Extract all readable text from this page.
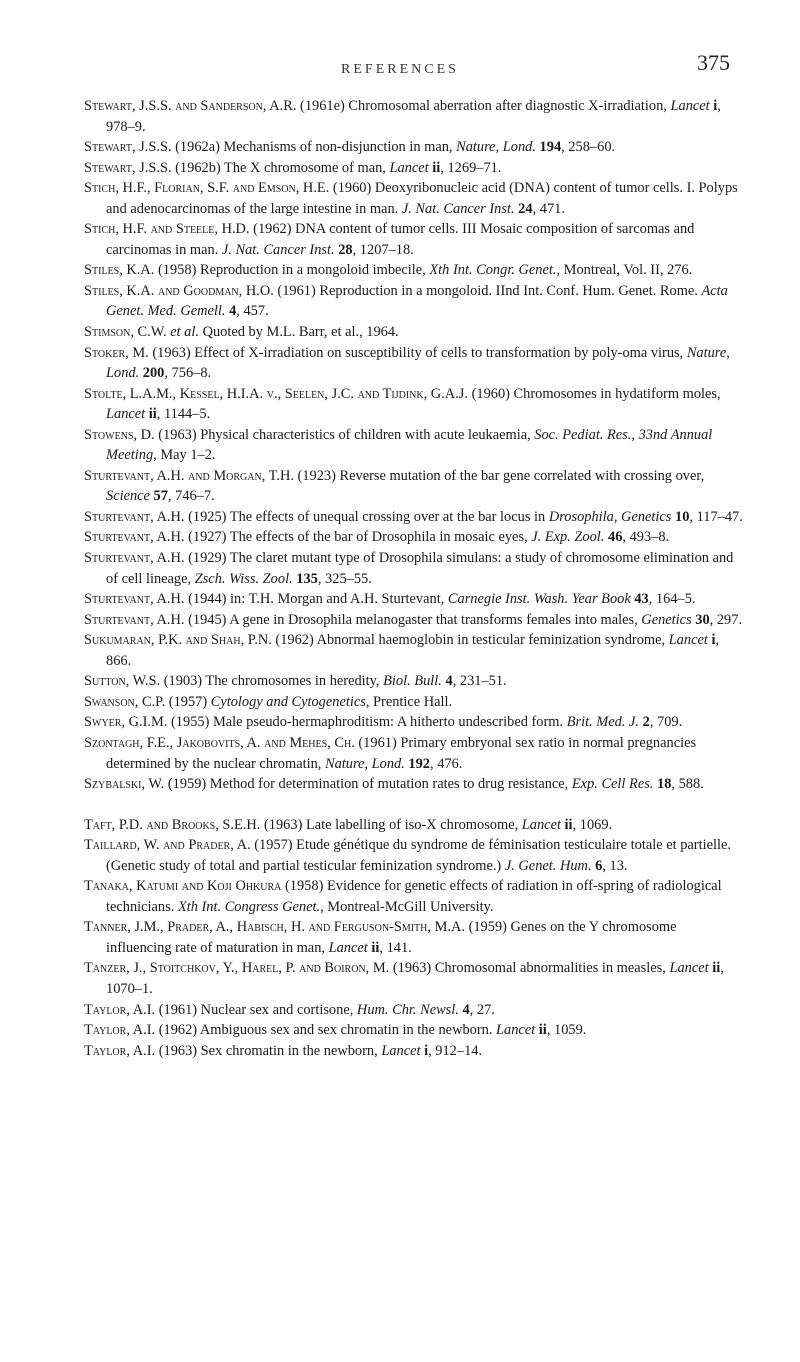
REFERENCES	375

Stewart, J.S.S. and Sanderson, A.R. (1961e) Chromosomal aberration after diagnostic X-irradiation, Lancet i, 978–9.

Stewart, J.S.S. (1962a) Mechanisms of non-disjunction in man, Nature, Lond. 194, 258–60.

Stewart, J.S.S. (1962b) The X chromosome of man, Lancet ii, 1269–71.

Stich, H.F., Florian, S.F. and Emson, H.E. (1960) Deoxyribonucleic acid (DNA) content of tumor cells. I. Polyps and adenocarcinomas of the large intestine in man. J. Nat. Cancer Inst. 24, 471.

Stich, H.F. and Steele, H.D. (1962) DNA content of tumor cells. III Mosaic composition of sarcomas and carcinomas in man. J. Nat. Cancer Inst. 28, 1207–18.

Stiles, K.A. (1958) Reproduction in a mongoloid imbecile, Xth Int. Congr. Genet., Montreal, Vol. II, 276.

Stiles, K.A. and Goodman, H.O. (1961) Reproduction in a mongoloid. IInd Int. Conf. Hum. Genet. Rome. Acta Genet. Med. Gemell. 4, 457.

Stimson, C.W. et al. Quoted by M.L. Barr, et al., 1964.

Stoker, M. (1963) Effect of X-irradiation on susceptibility of cells to transformation by poly-oma virus, Nature, Lond. 200, 756–8.

Stolte, L.A.M., Kessel, H.I.A. v., Seelen, J.C. and Tijdink, G.A.J. (1960) Chromosomes in hydatiform moles, Lancet ii, 1144–5.

Stowens, D. (1963) Physical characteristics of children with acute leukaemia, Soc. Pediat. Res., 33nd Annual Meeting, May 1–2.

Sturtevant, A.H. and Morgan, T.H. (1923) Reverse mutation of the bar gene correlated with crossing over, Science 57, 746–7.

Sturtevant, A.H. (1925) The effects of unequal crossing over at the bar locus in Drosophila, Genetics 10, 117–47.

Sturtevant, A.H. (1927) The effects of the bar of Drosophila in mosaic eyes, J. Exp. Zool. 46, 493–8.

Sturtevant, A.H. (1929) The claret mutant type of Drosophila simulans: a study of chromosome elimination and of cell lineage, Zsch. Wiss. Zool. 135, 325–55.

Sturtevant, A.H. (1944) in: T.H. Morgan and A.H. Sturtevant, Carnegie Inst. Wash. Year Book 43, 164–5.

Sturtevant, A.H. (1945) A gene in Drosophila melanogaster that transforms females into males, Genetics 30, 297.

Sukumaran, P.K. and Shah, P.N. (1962) Abnormal haemoglobin in testicular feminization syndrome, Lancet i, 866.

Sutton, W.S. (1903) The chromosomes in heredity, Biol. Bull. 4, 231–51.

Swanson, C.P. (1957) Cytology and Cytogenetics, Prentice Hall.

Swyer, G.I.M. (1955) Male pseudo-hermaphroditism: A hitherto undescribed form. Brit. Med. J. 2, 709.

Szontagh, F.E., Jakobovits, A. and Mehes, Ch. (1961) Primary embryonal sex ratio in normal pregnancies determined by the nuclear chromatin, Nature, Lond. 192, 476.

Szybalski, W. (1959) Method for determination of mutation rates to drug resistance, Exp. Cell Res. 18, 588.

Taft, P.D. and Brooks, S.E.H. (1963) Late labelling of iso-X chromosome, Lancet ii, 1069.

Taillard, W. and Prader, A. (1957) Etude génétique du syndrome de féminisation testiculaire totale et partielle. (Genetic study of total and partial testicular feminization syndrome.) J. Genet. Hum. 6, 13.

Tanaka, Katumi and Koji Ohkura (1958) Evidence for genetic effects of radiation in off-spring of radiological technicians. Xth Int. Congress Genet., Montreal-McGill University.

Tanner, J.M., Prader, A., Habisch, H. and Ferguson-Smith, M.A. (1959) Genes on the Y chromosome influencing rate of maturation in man, Lancet ii, 141.

Tanzer, J., Stoitchkov, Y., Harel, P. and Boiron, M. (1963) Chromosomal abnormalities in measles, Lancet ii, 1070–1.

Taylor, A.I. (1961) Nuclear sex and cortisone, Hum. Chr. Newsl. 4, 27.

Taylor, A.I. (1962) Ambiguous sex and sex chromatin in the newborn. Lancet ii, 1059.

Taylor, A.I. (1963) Sex chromatin in the newborn, Lancet i, 912–14.
